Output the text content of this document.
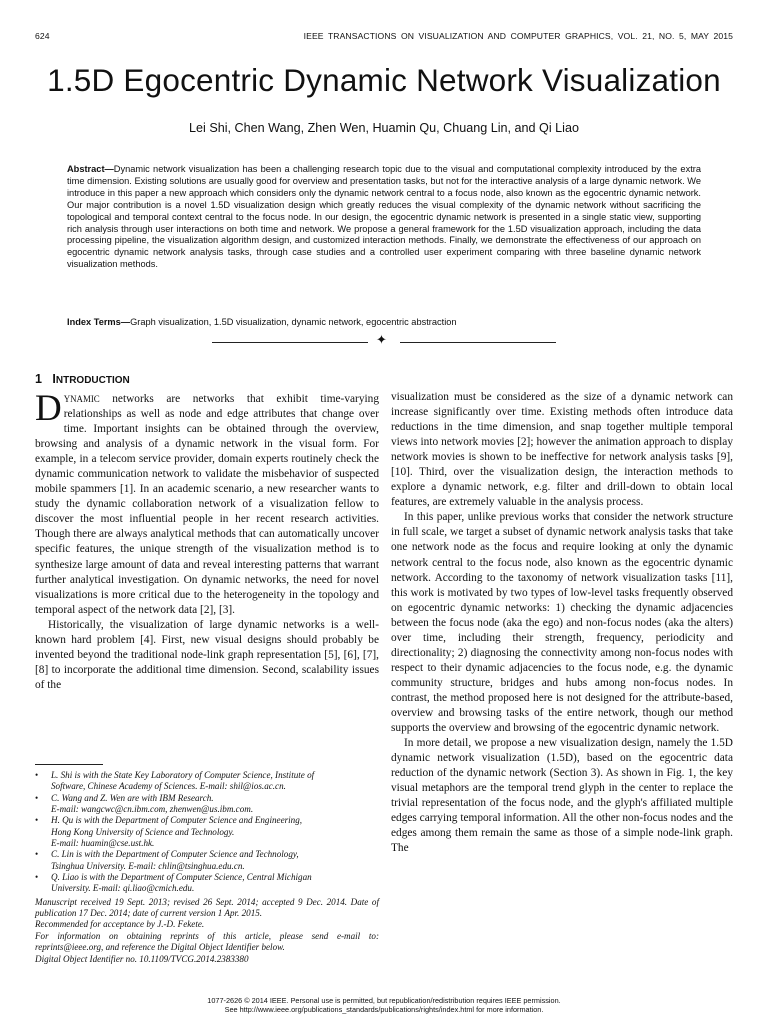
624	IEEE TRANSACTIONS ON VISUALIZATION AND COMPUTER GRAPHICS, VOL. 21, NO. 5, MAY 2015
1.5D Egocentric Dynamic Network Visualization
Lei Shi, Chen Wang, Zhen Wen, Huamin Qu, Chuang Lin, and Qi Liao

Abstract—Dynamic network visualization has been a challenging research topic due to the visual and computational complexity introduced by the extra time dimension. Existing solutions are usually good for overview and presentation tasks, but not for the interactive analysis of a large dynamic network. We introduce in this paper a new approach which considers only the dynamic network central to a focus node, also known as the egocentric dynamic network. Our major contribution is a novel 1.5D visualization design which greatly reduces the visual complexity of the dynamic network without sacrificing the topological and temporal context central to the focus node. In our design, the egocentric dynamic network is presented in a single static view, supporting rich analysis through user interactions on both time and network. We propose a general framework for the 1.5D visualization approach, including the data processing pipeline, the visualization algorithm design, and customized interaction methods. Finally, we demonstrate the effectiveness of our approach on egocentric dynamic network analysis tasks, through case studies and a controlled user experiment comparing with three baseline dynamic network visualization methods.

Index Terms—Graph visualization, 1.5D visualization, dynamic network, egocentric abstraction

✦
1 INTRODUCTION

DYNAMIC networks are networks that exhibit time-varying relationships as well as node and edge attributes that change over time. Important insights can be obtained through the overview, browsing and analysis of a dynamic network in the visual form. For example, in a telecom service provider, domain experts routinely check the dynamic communication network to validate the misbehavior of suspected mobile spammers [1]. In an academic scenario, a new researcher wants to study the dynamic collaboration network of a visualization fellow to discover the most influential people in her recent research activities. Though there are always analytical methods that can automatically uncover specific features, the unique strength of the visualization method is to synthesize large amount of data and reveal interesting patterns that warrant further analytical investigation. On dynamic networks, the need for novel visualizations is more critical due to the heterogeneity in the topology and temporal aspect of the network data [2], [3].

Historically, the visualization of large dynamic networks is a well-known hard problem [4]. First, new visual designs should probably be invented beyond the traditional node-link graph representation [5], [6], [7], [8] to incorporate the additional time dimension. Second, scalability issues of the

visualization must be considered as the size of a dynamic network can increase significantly over time. Existing methods often introduce data reductions in the time dimension, and snap together multiple temporal views into network movies [2]; however the animation approach to display network movies is shown to be ineffective for network analysis tasks [9], [10]. Third, over the visualization design, the interaction methods to explore a dynamic network, e.g. filter and drill-down to obtain local features, are extremely valuable in the analysis process.

In this paper, unlike previous works that consider the network structure in full scale, we target a subset of dynamic network analysis tasks that take one network node as the focus and require looking at only the dynamic network central to the focus node, also known as the egocentric dynamic network. According to the taxonomy of network visualization tasks [11], this work is motivated by two types of low-level tasks frequently observed on egocentric dynamic networks: 1) checking the dynamic adjacencies between the focus node (aka the ego) and non-focus nodes (aka the alters) over time, including their strength, frequency, periodicity and directionality; 2) diagnosing the connectivity among non-focus nodes with respect to their dynamic adjacencies to the focus node, e.g. the dynamic community structure, bridges and hubs among non-focus nodes. In contrast, the method proposed here is not designed for the attribute-based, overview and browsing tasks of the entire network, though our method supports the overview and browsing of the egocentric dynamic network.

In more detail, we propose a new visualization design, namely the 1.5D dynamic network visualization (1.5D), based on the egocentric data reduction of the dynamic network (Section 3). As shown in Fig. 1, the key visual metaphors are the temporal trend glyph in the center to replace the trivial representation of the focus node, and the glyph's affiliated multiple edges carrying temporal information. All the other non-focus nodes and the edges among them remain the same as those of a simple node-link graph. The

• L. Shi is with the State Key Laboratory of Computer Science, Institute of
Software, Chinese Academy of Sciences. E-mail: shil@ios.ac.cn.
• C. Wang and Z. Wen are with IBM Research.
E-mail: wangcwc@cn.ibm.com, zhenwen@us.ibm.com.
• H. Qu is with the Department of Computer Science and Engineering,
Hong Kong University of Science and Technology.
E-mail: huamin@cse.ust.hk.
• C. Lin is with the Department of Computer Science and Technology,
Tsinghua University. E-mail: chlin@tsinghua.edu.cn.
• Q. Liao is with the Department of Computer Science, Central Michigan
University. E-mail: qi.liao@cmich.edu.
Manuscript received 19 Sept. 2013; revised 26 Sept. 2014; accepted 9 Dec. 2014. Date of publication 17 Dec. 2014; date of current version 1 Apr. 2015.
Recommended for acceptance by J.-D. Fekete.
For information on obtaining reprints of this article, please send e-mail to: reprints@ieee.org, and reference the Digital Object Identifier below.
Digital Object Identifier no. 10.1109/TVCG.2014.2383380
1077-2626 © 2014 IEEE. Personal use is permitted, but republication/redistribution requires IEEE permission.
See http://www.ieee.org/publications_standards/publications/rights/index.html for more information.
